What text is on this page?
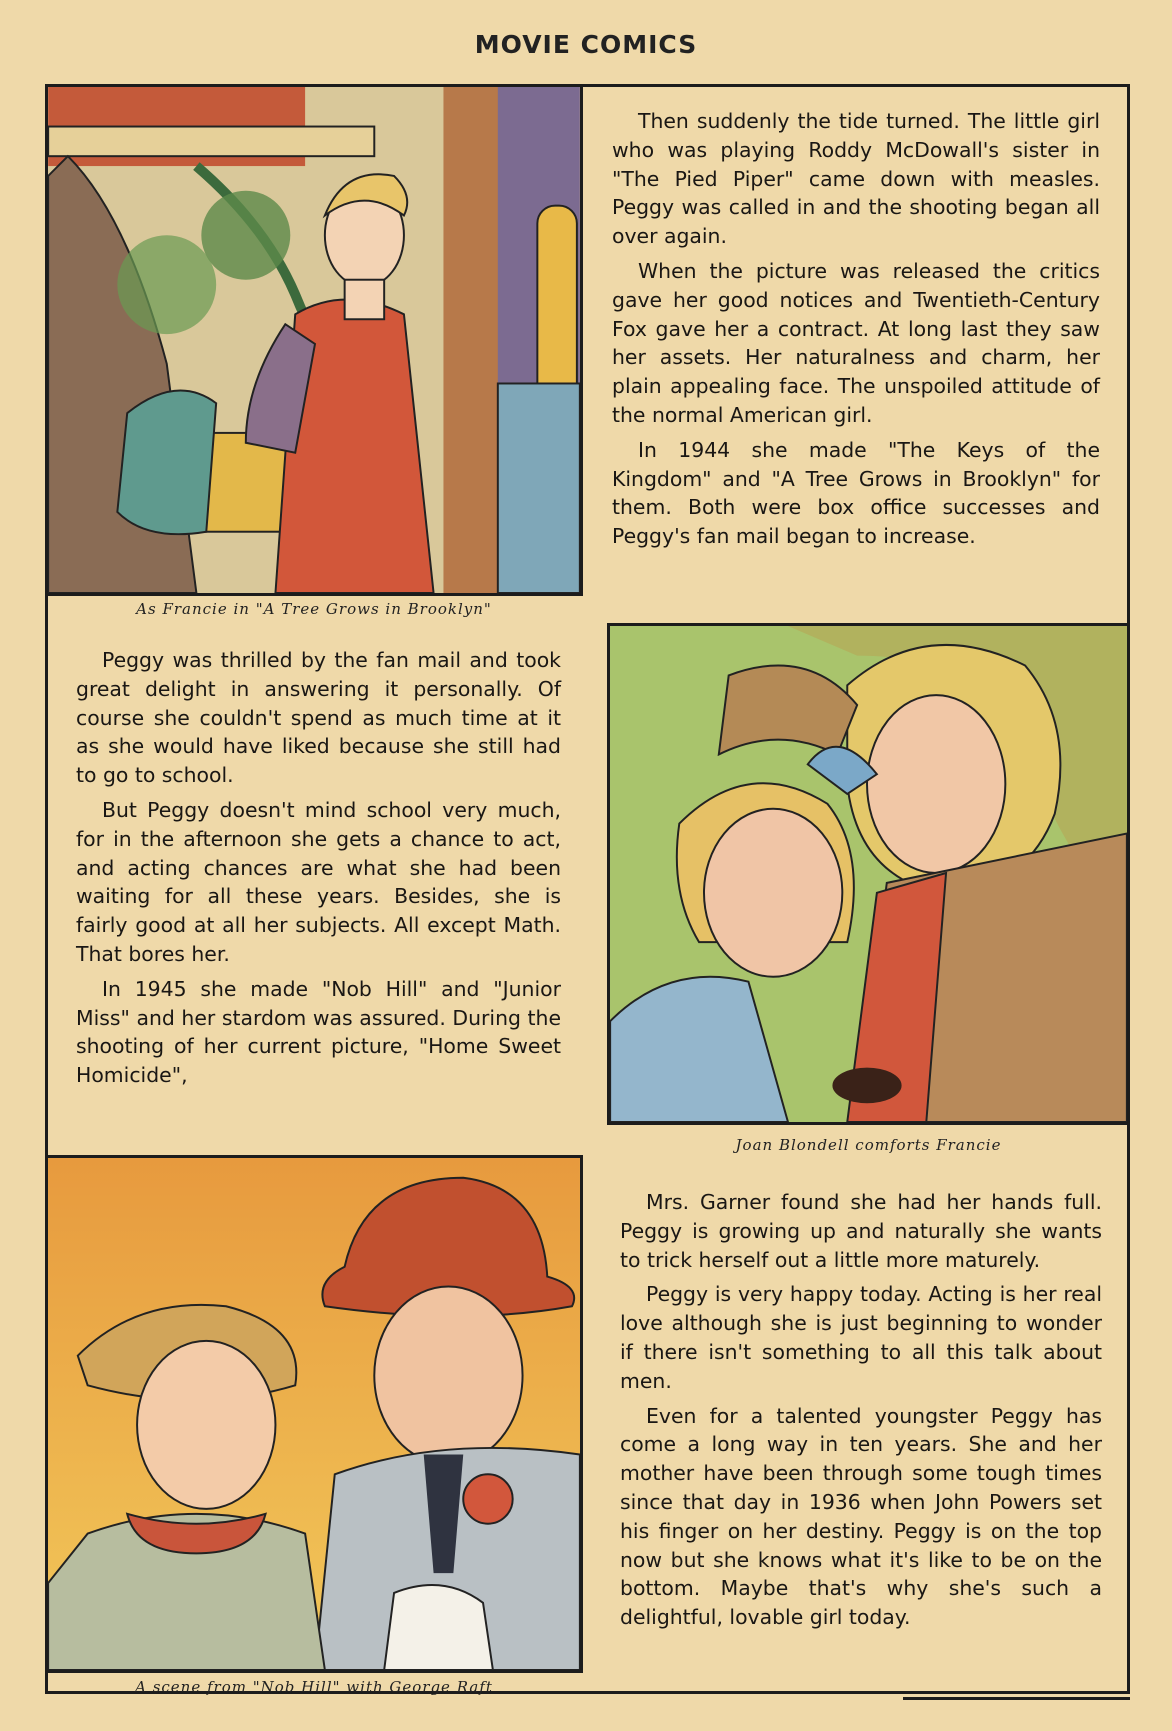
MOVIE COMICS
As Francie in "A Tree Grows in Brooklyn"

Then suddenly the tide turned. The little girl who was playing Roddy McDowall's sister in "The Pied Piper" came down with measles. Peggy was called in and the shooting began all over again.

When the picture was released the critics gave her good notices and Twentieth-Century Fox gave her a contract. At long last they saw her assets. Her naturalness and charm, her plain appealing face. The unspoiled attitude of the normal American girl.

In 1944 she made "The Keys of the Kingdom" and "A Tree Grows in Brooklyn" for them. Both were box office successes and Peggy's fan mail began to increase.

Peggy was thrilled by the fan mail and took great delight in answering it personally. Of course she couldn't spend as much time at it as she would have liked because she still had to go to school.

But Peggy doesn't mind school very much, for in the afternoon she gets a chance to act, and acting chances are what she had been waiting for all these years. Besides, she is fairly good at all her subjects. All except Math. That bores her.

In 1945 she made "Nob Hill" and "Junior Miss" and her stardom was assured. During the shooting of her current picture, "Home Sweet Homicide",

Joan Blondell comforts Francie
A scene from "Nob Hill" with George Raft

Mrs. Garner found she had her hands full. Peggy is growing up and naturally she wants to trick herself out a little more maturely.

Peggy is very happy today. Acting is her real love although she is just beginning to wonder if there isn't something to all this talk about men.

Even for a talented youngster Peggy has come a long way in ten years. She and her mother have been through some tough times since that day in 1936 when John Powers set his finger on her destiny. Peggy is on the top now but she knows what it's like to be on the bottom. Maybe that's why she's such a delightful, lovable girl today.
